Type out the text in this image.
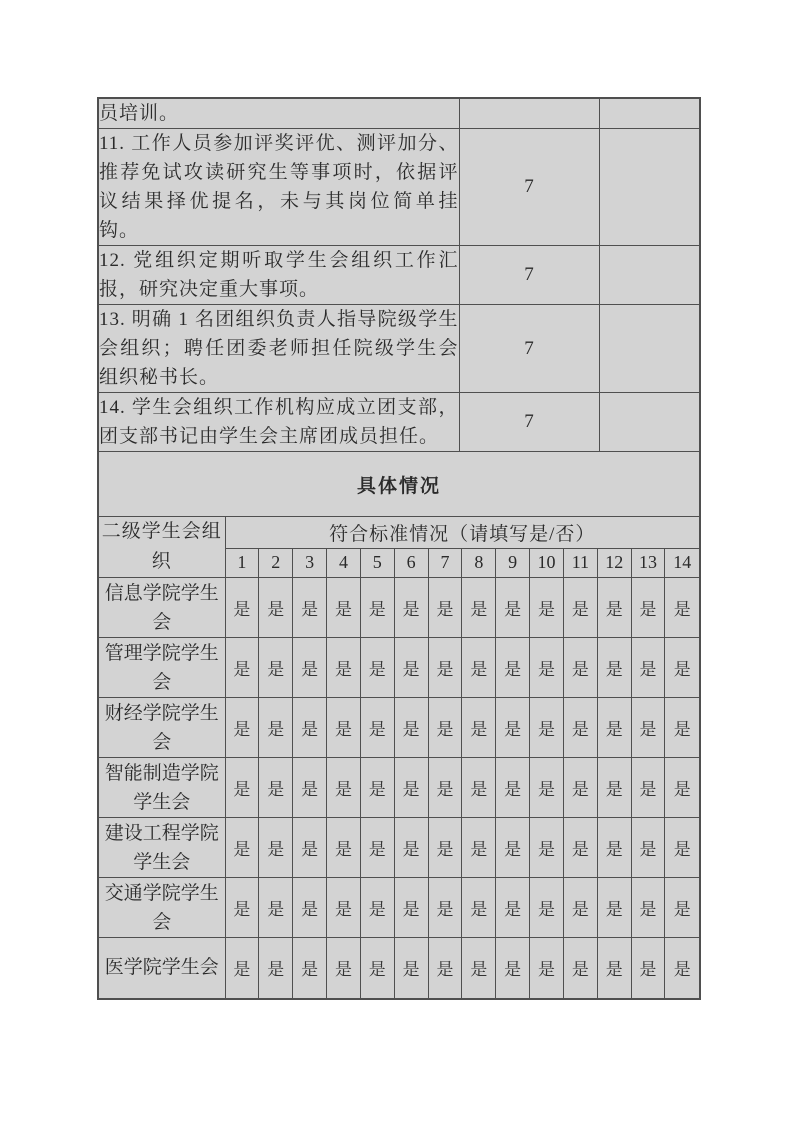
员培训。		
11. 工作人员参加评奖评优、测评加分、推荐免试攻读研究生等事项时，依据评议结果择优提名，未与其岗位简单挂钩。	7	
12. 党组织定期听取学生会组织工作汇报，研究决定重大事项。	7	
13. 明确 1 名团组织负责人指导院级学生会组织；聘任团委老师担任院级学生会组织秘书长。	7	
14. 学生会组织工作机构应成立团支部，团支部书记由学生会主席团成员担任。	7	
具体情况		
二级学生会组织	符合标准情况（请填写是/否）													
	1	2	3	4	5	6	7	8	9	10	11	12	13	14
信息学院学生会	是	是	是	是	是	是	是	是	是	是	是	是	是	是
管理学院学生会	是	是	是	是	是	是	是	是	是	是	是	是	是	是
财经学院学生会	是	是	是	是	是	是	是	是	是	是	是	是	是	是
智能制造学院学生会	是	是	是	是	是	是	是	是	是	是	是	是	是	是
建设工程学院学生会	是	是	是	是	是	是	是	是	是	是	是	是	是	是
交通学院学生会	是	是	是	是	是	是	是	是	是	是	是	是	是	是
医学院学生会	是	是	是	是	是	是	是	是	是	是	是	是	是	是
